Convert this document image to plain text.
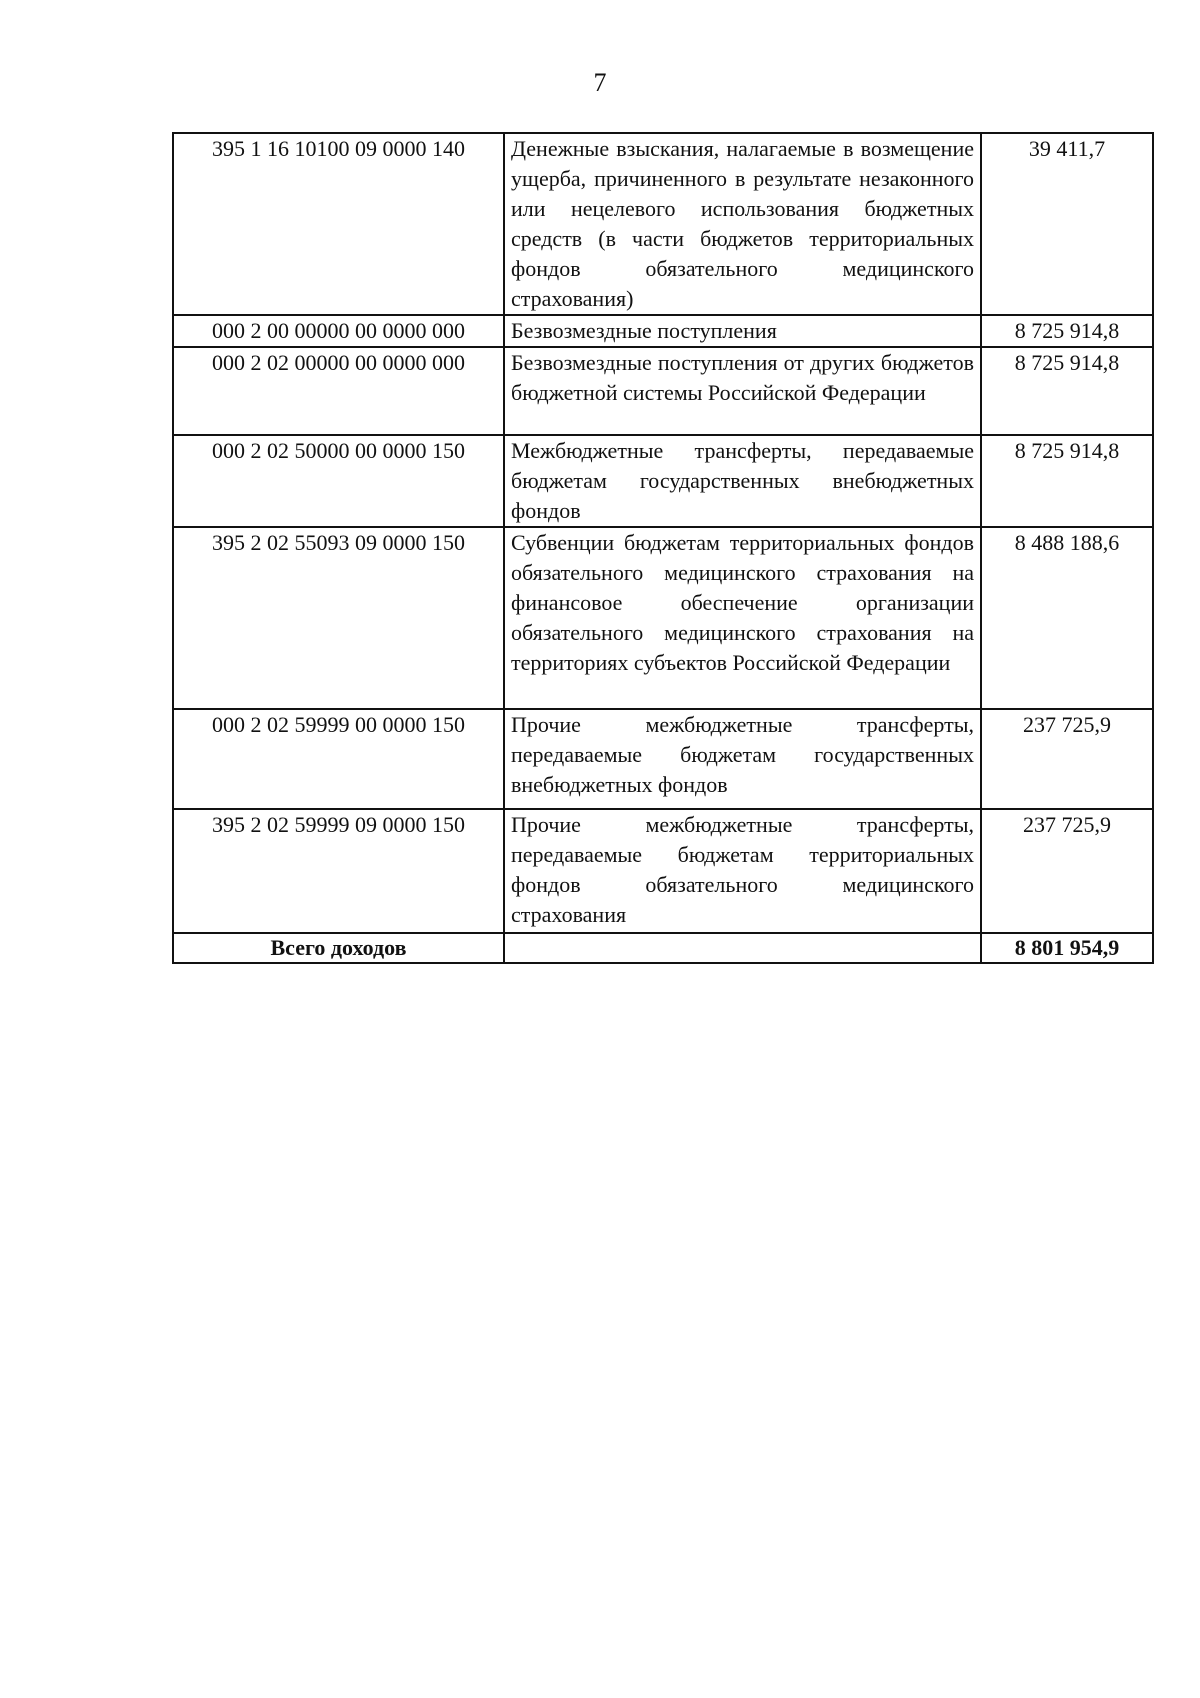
7
395 1 16 10100 09 0000 140	Денежные взыскания, налагаемые в возмещение ущерба, причиненного в результате незаконного или нецелевого использования бюджетных средств (в части бюджетов территориальных фондов обязательного медицинского страхования)	39 411,7
000 2 00 00000 00 0000 000	Безвозмездные поступления	8 725 914,8
000 2 02 00000 00 0000 000	Безвозмездные поступления от других бюджетов бюджетной системы Российской Федерации	8 725 914,8
000 2 02 50000 00 0000 150	Межбюджетные трансферты, передаваемые бюджетам государственных внебюджетных фондов	8 725 914,8
395 2 02 55093 09 0000 150	Субвенции бюджетам территориальных фондов обязательного медицинского страхования на финансовое обеспечение организации обязательного медицинского страхования на территориях субъектов Российской Федерации	8 488 188,6
000 2 02 59999 00 0000 150	Прочие межбюджетные трансферты, передаваемые бюджетам государственных внебюджетных фондов	237 725,9
395 2 02 59999 09 0000 150	Прочие межбюджетные трансферты, передаваемые бюджетам территориальных фондов обязательного медицинского страхования	237 725,9
Всего доходов		8 801 954,9
